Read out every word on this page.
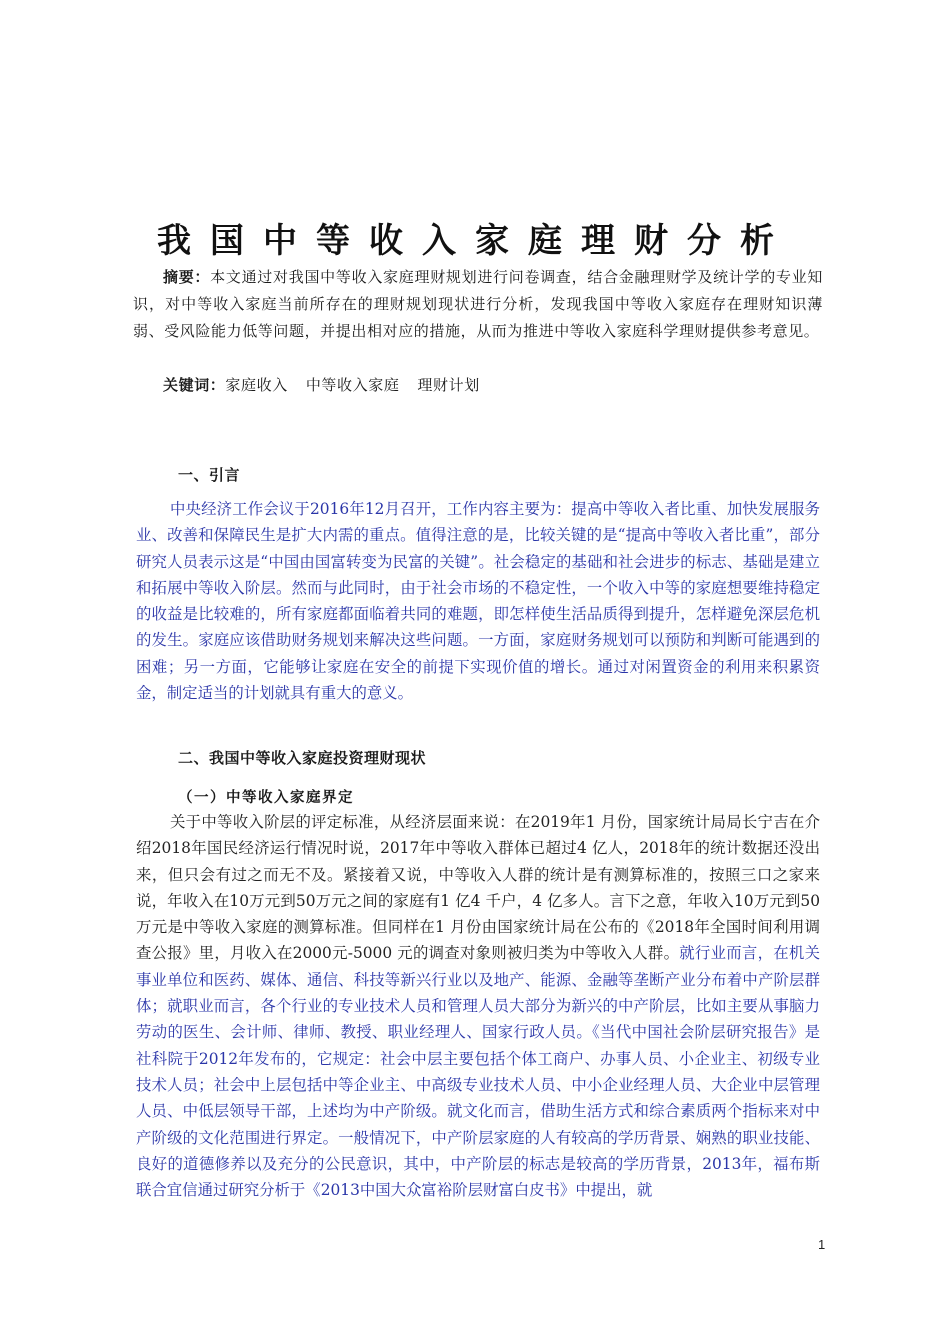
我国中等收入家庭理财分析
摘要：本文通过对我国中等收入家庭理财规划进行问卷调查，结合金融理财学及统计学的专业知识，对中等收入家庭当前所存在的理财规划现状进行分析，发现我国中等收入家庭存在理财知识薄弱、受风险能力低等问题，并提出相对应的措施，从而为推进中等收入家庭科学理财提供参考意见。
关键词：家庭收入 中等收入家庭 理财计划
一、引言
中央经济工作会议于2016年12月召开，工作内容主要为：提高中等收入者比重、加快发展服务业、改善和保障民生是扩大内需的重点。值得注意的是，比较关键的是“提高中等收入者比重”，部分研究人员表示这是“中国由国富转变为民富的关键”。社会稳定的基础和社会进步的标志、基础是建立和拓展中等收入阶层。然而与此同时，由于社会市场的不稳定性，一个收入中等的家庭想要维持稳定的收益是比较难的，所有家庭都面临着共同的难题，即怎样使生活品质得到提升，怎样避免深层危机的发生。家庭应该借助财务规划来解决这些问题。一方面，家庭财务规划可以预防和判断可能遇到的困难；另一方面，它能够让家庭在安全的前提下实现价值的增长。通过对闲置资金的利用来积累资金，制定适当的计划就具有重大的意义。
二、我国中等收入家庭投资理财现状
（一）中等收入家庭界定
关于中等收入阶层的评定标准，从经济层面来说：在2019年1 月份，国家统计局局长宁吉在介绍2018年国民经济运行情况时说，2017年中等收入群体已超过4 亿人，2018年的统计数据还没出来，但只会有过之而无不及。紧接着又说，中等收入人群的统计是有测算标准的，按照三口之家来说，年收入在10万元到50万元之间的家庭有1 亿4 千户，4 亿多人。言下之意，年收入10万元到50万元是中等收入家庭的测算标准。但同样在1 月份由国家统计局在公布的《2018年全国时间利用调查公报》里，月收入在2000元-5000 元的调查对象则被归类为中等收入人群。就行业而言，在机关事业单位和医药、媒体、通信、科技等新兴行业以及地产、能源、金融等垄断产业分布着中产阶层群体；就职业而言，各个行业的专业技术人员和管理人员大部分为新兴的中产阶层，比如主要从事脑力劳动的医生、会计师、律师、教授、职业经理人、国家行政人员。《当代中国社会阶层研究报告》是社科院于2012年发布的，它规定：社会中层主要包括个体工商户、办事人员、小企业主、初级专业技术人员；社会中上层包括中等企业主、中高级专业技术人员、中小企业经理人员、大企业中层管理人员、中低层领导干部，上述均为中产阶级。就文化而言，借助生活方式和综合素质两个指标来对中产阶级的文化范围进行界定。一般情况下，中产阶层家庭的人有较高的学历背景、娴熟的职业技能、良好的道德修养以及充分的公民意识，其中，中产阶层的标志是较高的学历背景，2013年，福布斯联合宜信通过研究分析于《2013中国大众富裕阶层财富白皮书》中提出，就
1
